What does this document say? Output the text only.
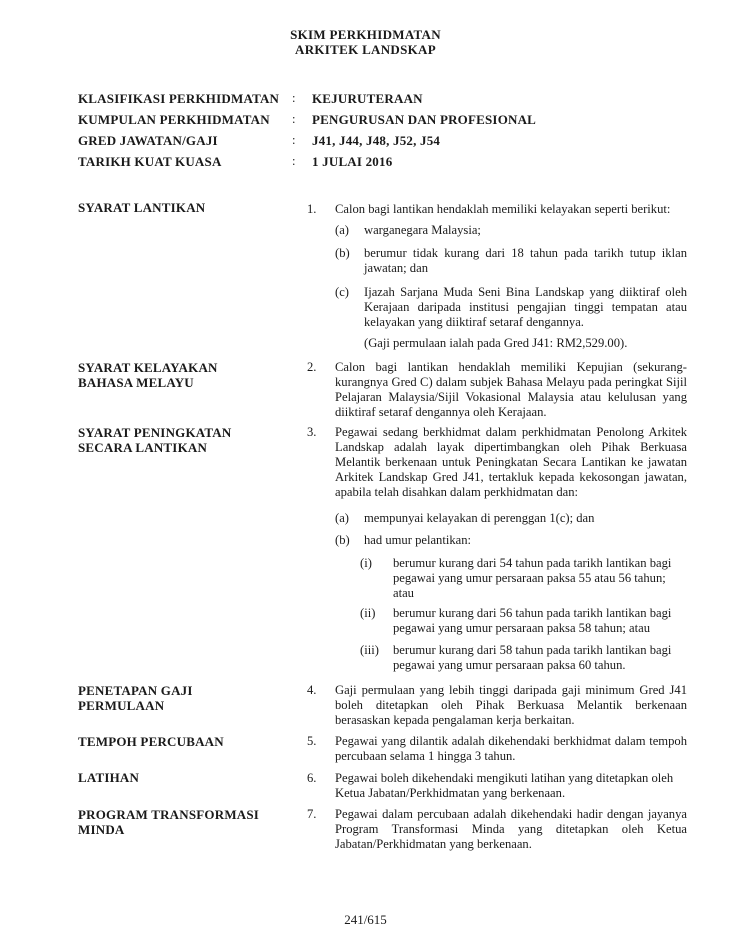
SKIM PERKHIDMATAN
ARKITEK LANDSKAP
KLASIFIKASI PERKHIDMATAN : KEJURUTERAAN
KUMPULAN PERKHIDMATAN : PENGURUSAN DAN PROFESIONAL
GRED JAWATAN/GAJI	: J41, J44, J48, J52, J54
TARIKH KUAT KUASA	: 1 JULAI 2016
SYARAT LANTIKAN	1. Calon bagi lantikan hendaklah memiliki kelayakan seperti berikut:
(a) warganegara Malaysia;
(b) berumur tidak kurang dari 18 tahun pada tarikh tutup iklan jawatan; dan
(c) Ijazah Sarjana Muda Seni Bina Landskap yang diiktiraf oleh Kerajaan daripada institusi pengajian tinggi tempatan atau kelayakan yang diiktiraf setaraf dengannya.
(Gaji permulaan ialah pada Gred J41: RM2,529.00).
SYARAT KELAYAKAN
BAHASA MELAYU
2. Calon bagi lantikan hendaklah memiliki Kepujian (sekurang-kurangnya Gred C) dalam subjek Bahasa Melayu pada peringkat Sijil Pelajaran Malaysia/Sijil Vokasional Malaysia atau kelulusan yang diiktiraf setaraf dengannya oleh Kerajaan.
SYARAT PENINGKATAN
SECARA LANTIKAN
3. Pegawai sedang berkhidmat dalam perkhidmatan Penolong Arkitek Landskap adalah layak dipertimbangkan oleh Pihak Berkuasa Melantik berkenaan untuk Peningkatan Secara Lantikan ke jawatan Arkitek Landskap Gred J41, tertakluk kepada kekosongan jawatan, apabila telah disahkan dalam perkhidmatan dan:
(a) mempunyai kelayakan di perenggan 1(c); dan
(b) had umur pelantikan:
(i) berumur kurang dari 54 tahun pada tarikh lantikan bagi pegawai yang umur persaraan paksa 55 atau 56 tahun; atau
(ii) berumur kurang dari 56 tahun pada tarikh lantikan bagi pegawai yang umur persaraan paksa 58 tahun; atau
(iii) berumur kurang dari 58 tahun pada tarikh lantikan bagi pegawai yang umur persaraan paksa 60 tahun.
PENETAPAN GAJI
PERMULAAN
4. Gaji permulaan yang lebih tinggi daripada gaji minimum Gred J41 boleh ditetapkan oleh Pihak Berkuasa Melantik berkenaan berasaskan kepada pengalaman kerja berkaitan.
TEMPOH PERCUBAAN	5. Pegawai yang dilantik adalah dikehendaki berkhidmat dalam tempoh percubaan selama 1 hingga 3 tahun.
LATIHAN	6. Pegawai boleh dikehendaki mengikuti latihan yang ditetapkan oleh Ketua Jabatan/Perkhidmatan yang berkenaan.
PROGRAM TRANSFORMASI
MINDA
7. Pegawai dalam percubaan adalah dikehendaki hadir dengan jayanya Program Transformasi Minda yang ditetapkan oleh Ketua Jabatan/Perkhidmatan yang berkenaan.
241/615
